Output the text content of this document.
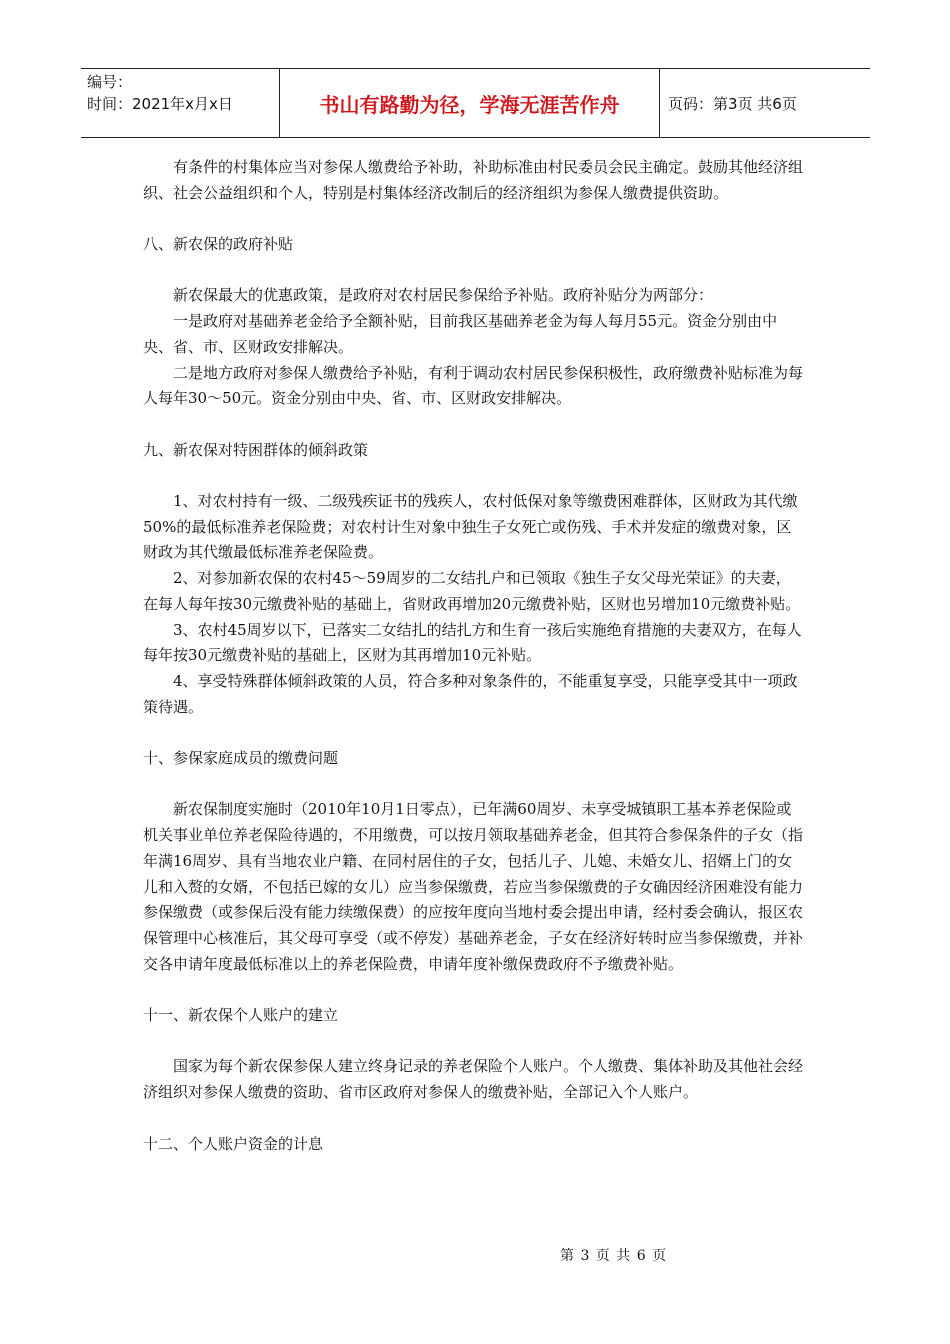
编号：
时间：2021年x月x日	书山有路勤为径，学海无涯苦作舟	页码：第3页 共6页

有条件的村集体应当对参保人缴费给予补助，补助标准由村民委员会民主确定。鼓励其他经济组织、社会公益组织和个人，特别是村集体经济改制后的经济组织为参保人缴费提供资助。

八、新农保的政府补贴

新农保最大的优惠政策，是政府对农村居民参保给予补贴。政府补贴分为两部分：

一是政府对基础养老金给予全额补贴，目前我区基础养老金为每人每月55元。资金分别由中央、省、市、区财政安排解决。

二是地方政府对参保人缴费给予补贴，有利于调动农村居民参保积极性，政府缴费补贴标准为每人每年30～50元。资金分别由中央、省、市、区财政安排解决。

九、新农保对特困群体的倾斜政策

1、对农村持有一级、二级残疾证书的残疾人，农村低保对象等缴费困难群体，区财政为其代缴50%的最低标准养老保险费；对农村计生对象中独生子女死亡或伤残、手术并发症的缴费对象，区财政为其代缴最低标准养老保险费。

2、对参加新农保的农村45～59周岁的二女结扎户和已领取《独生子女父母光荣证》的夫妻，在每人每年按30元缴费补贴的基础上，省财政再增加20元缴费补贴，区财也另增加10元缴费补贴。

3、农村45周岁以下，已落实二女结扎的结扎方和生育一孩后实施绝育措施的夫妻双方，在每人每年按30元缴费补贴的基础上，区财为其再增加10元补贴。

4、享受特殊群体倾斜政策的人员，符合多种对象条件的，不能重复享受，只能享受其中一项政策待遇。

十、参保家庭成员的缴费问题

新农保制度实施时（2010年10月1日零点），已年满60周岁、未享受城镇职工基本养老保险或机关事业单位养老保险待遇的，不用缴费，可以按月领取基础养老金，但其符合参保条件的子女（指年满16周岁、具有当地农业户籍、在同村居住的子女，包括儿子、儿媳、未婚女儿、招婿上门的女儿和入赘的女婿，不包括已嫁的女儿）应当参保缴费，若应当参保缴费的子女确因经济困难没有能力参保缴费（或参保后没有能力续缴保费）的应按年度向当地村委会提出申请，经村委会确认，报区农保管理中心核准后，其父母可享受（或不停发）基础养老金，子女在经济好转时应当参保缴费，并补交各申请年度最低标准以上的养老保险费，申请年度补缴保费政府不予缴费补贴。

十一、新农保个人账户的建立

国家为每个新农保参保人建立终身记录的养老保险个人账户。个人缴费、集体补助及其他社会经济组织对参保人缴费的资助、省市区政府对参保人的缴费补贴，全部记入个人账户。

十二、个人账户资金的计息
第 3 页 共 6 页
